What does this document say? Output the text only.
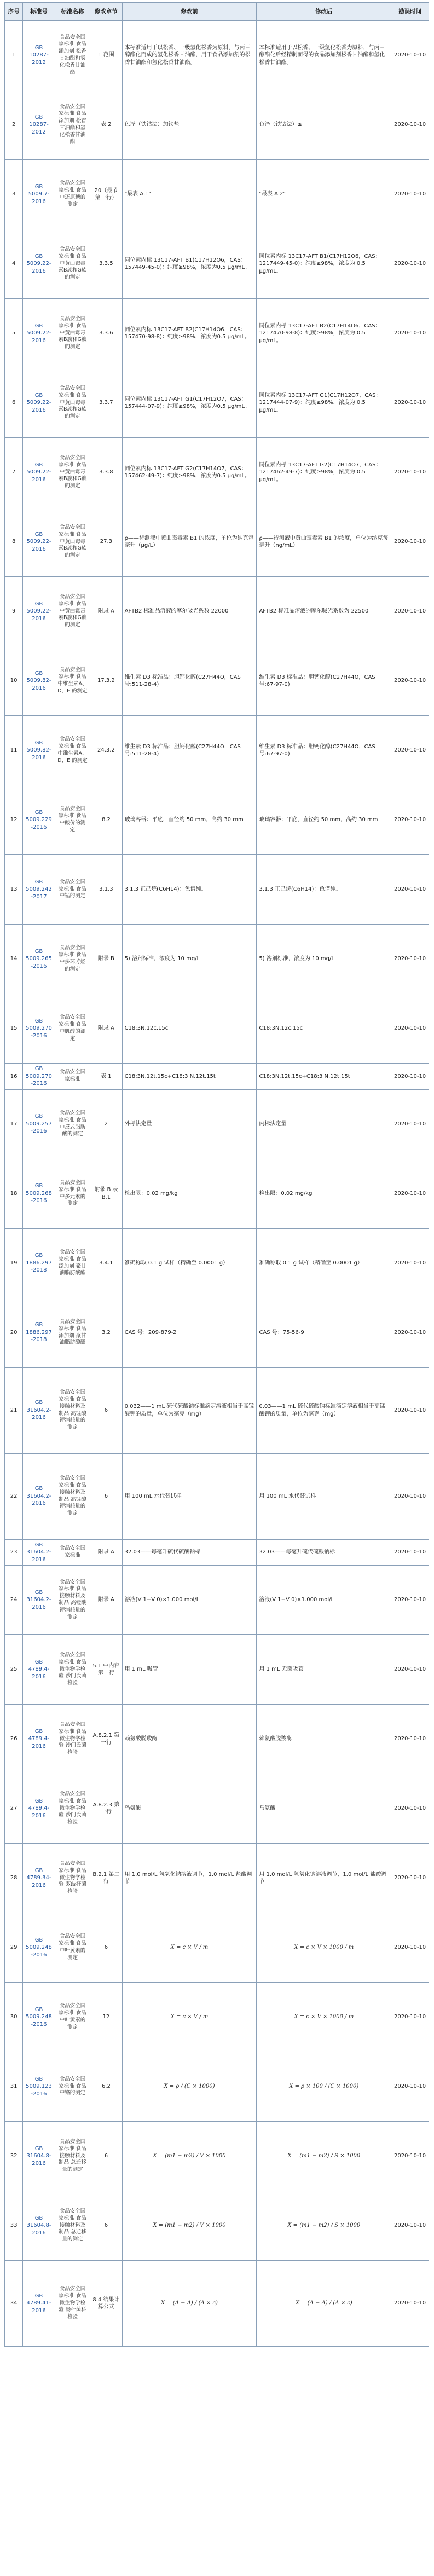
序号	标准号	标准名称	修改章节	修改前	修改后	勘误时间
1	GB 10287-2012	食品安全国家标准 食品添加剂 松香甘油酯和氢化松香甘油酯	1 范围	本标准适用于以松香、一级氢化松香为原料，与丙三醇酯化而成的氢化松香甘油酯，用于食品添加剂的松香甘油酯和氢化松香甘油酯。	本标准适用于以松香、一级氢化松香为原料，与丙三醇酯化后经精制而得的食品添加剂松香甘油酯和氢化松香甘油酯。	2020-10-10
2	GB 10287-2012	食品安全国家标准 食品添加剂 松香甘油酯和氢化松香甘油酯	表 2	色泽（铁钴法）加铁盐	色泽（铁钴法）≤	2020-10-10
3	GB 5009.7-2016	食品安全国家标准 食品中还原糖的测定	20（最节第一行）	"最表 A.1"	"最表 A.2"	2020-10-10
4	GB 5009.22-2016	食品安全国家标准 食品中黄曲霉毒素B族和G族的测定	3.3.5	同位素内标 13C17-AFT B1(C17H12O6，CAS：157449-45-0)：纯度≥98%，浓度为0.5 μg/mL。	同位素内标 13C17-AFT B1(C17H12O6，CAS：1217449-45-0)：纯度≥98%，浓度为 0.5 μg/mL。	2020-10-10
5	GB 5009.22-2016	食品安全国家标准 食品中黄曲霉毒素B族和G族的测定	3.3.6	同位素内标 13C17-AFT B2(C17H14O6，CAS：157470-98-8)：纯度≥98%，浓度为0.5 μg/mL。	同位素内标 13C17-AFT B2(C17H14O6，CAS：1217470-98-8)：纯度≥98%，浓度为 0.5 μg/mL。	2020-10-10
6	GB 5009.22-2016	食品安全国家标准 食品中黄曲霉毒素B族和G族的测定	3.3.7	同位素内标 13C17-AFT G1(C17H12O7，CAS：157444-07-9)：纯度≥98%，浓度为0.5 μg/mL。	同位素内标 13C17-AFT G1(C17H12O7，CAS：1217444-07-9)：纯度≥98%，浓度为 0.5 μg/mL。	2020-10-10
7	GB 5009.22-2016	食品安全国家标准 食品中黄曲霉毒素B族和G族的测定	3.3.8	同位素内标 13C17-AFT G2(C17H14O7，CAS：157462-49-7)：纯度≥98%，浓度为0.5 μg/mL。	同位素内标 13C17-AFT G2(C17H14O7，CAS：1217462-49-7)：纯度≥98%，浓度为 0.5 μg/mL。	2020-10-10
8	GB 5009.22-2016	食品安全国家标准 食品中黄曲霉毒素B族和G族的测定	27.3	ρ——待测液中黄曲霉毒素 B1 的浓度，单位为纳克每毫升（μg/L）	ρ——待测液中黄曲霉毒素 B1 的浓度，单位为纳克每毫升（ng/mL）	2020-10-10
9	GB 5009.22-2016	食品安全国家标准 食品中黄曲霉毒素B族和G族的测定	附录 A	AFTB2 标准品溶液的摩尔吸光系数 22000	AFTB2 标准品溶液的摩尔吸光系数为 22500	2020-10-10
10	GB 5009.82-2016	食品安全国家标准 食品中维生素A、D、E 的测定	17.3.2	维生素 D3 标准品：胆钙化醇(C27H44O，CAS 号:511-28-4)	维生素 D3 标准品：胆钙化醇(C27H44O，CAS 号:67-97-0)	2020-10-10
11	GB 5009.82-2016	食品安全国家标准 食品中维生素A、D、E 的测定	24.3.2	维生素 D3 标准品：胆钙化醇(C27H44O，CAS 号:511-28-4)	维生素 D3 标准品：胆钙化醇(C27H44O，CAS 号:67-97-0)	2020-10-10
12	GB 5009.229-2016	食品安全国家标准 食品中酸价的测定	8.2	玻璃容器：平底，直径约 50 mm，高约 30 mm	玻璃容器：平底，直径约 50 mm，高约 30 mm	2020-10-10
13	GB 5009.242-2017	食品安全国家标准 食品中锰的测定	3.1.3	3.1.3 正己烷(C6H14)：色谱纯。	3.1.3 正己烷(C6H14)：色谱纯。	2020-10-10
14	GB 5009.265-2016	食品安全国家标准 食品中多环芳烃的测定	附录 B	5) 溶剂标准，浓度为 10 mg/L	5) 溶剂标准，浓度为 10 mg/L	2020-10-10
15	GB 5009.270-2016	食品安全国家标准 食品中肌醇的测定	附录 A	C18:3N,12c,15c	C18:3N,12c,15c	2020-10-10
16	GB 5009.270-2016	食品安全国家标准	表 1	C18:3N,12t,15c+C18:3 N,12t,15t	C18:3N,12t,15c+C18:3 N,12t,15t	2020-10-10
17	GB 5009.257-2016	食品安全国家标准 食品中反式脂肪酸的测定	2	外标法定量	内标法定量	2020-10-10
18	GB 5009.268-2016	食品安全国家标准 食品中多元素的测定	附录 B 表 B.1	检出限：0.02 mg/kg	检出限：0.02 mg/kg	2020-10-10
19	GB 1886.297-2018	食品安全国家标准 食品添加剂 聚甘油脂肪酸酯	3.4.1	准确称取 0.1 g 试样（精确至 0.0001 g）	准确称取 0.1 g 试样（精确至 0.0001 g）	2020-10-10
20	GB 1886.297-2018	食品安全国家标准 食品添加剂 聚甘油脂肪酸酯	3.2	CAS 号：209-879-2	CAS 号：75-56-9	2020-10-10
21	GB 31604.2-2016	食品安全国家标准 食品接触材料及制品 高锰酸钾消耗量的测定	6	0.032——1 mL 硫代硫酸钠标准滴定溶液相当于高锰酸钾的质量，单位为毫克（mg）	0.03——1 mL 硫代硫酸钠标准滴定溶液相当于高锰酸钾的质量，单位为毫克（mg）	2020-10-10
22	GB 31604.2-2016	食品安全国家标准 食品接触材料及制品 高锰酸钾消耗量的测定	6	用 100 mL 水代替试样	用 100 mL 水代替试样	2020-10-10
23	GB 31604.2-2016	食品安全国家标准	附录 A	32.03——每毫升硫代硫酸钠标	32.03——每毫升硫代硫酸钠标	2020-10-10
24	GB 31604.2-2016	食品安全国家标准 食品接触材料及制品 高锰酸钾消耗量的测定	附录 A	溶液(V 1−V 0)×1.000 mol/L	溶液(V 1−V 0)×1.000 mol/L	2020-10-10
25	GB 4789.4-2016	食品安全国家标准 食品微生物学检验 沙门氏菌检验	5.1 中内容第一行	用 1 mL 吸管	用 1 mL 无菌吸管	2020-10-10
26	GB 4789.4-2016	食品安全国家标准 食品微生物学检验 沙门氏菌检验	A.8.2.1 第一行	赖氨酸脱羧酶	赖氨酸脱羧酶	2020-10-10
27	GB 4789.4-2016	食品安全国家标准 食品微生物学检验 沙门氏菌检验	A.8.2.3 第一行	鸟氨酸	鸟氨酸	2020-10-10
28	GB 4789.34-2016	食品安全国家标准 食品微生物学检验 双歧杆菌检验	B.2.1 第二行	用 1.0 mol/L 氢氧化钠溶液调节，1.0 mol/L 盐酸调节	用 1.0 mol/L 氢氧化钠溶液调节，1.0 mol/L 盐酸调节	2020-10-10
29	GB 5009.248-2016	食品安全国家标准 食品中叶黄素的测定	6	X = c × V / m	X = c × V × 1000 / m	2020-10-10
30	GB 5009.248-2016	食品安全国家标准 食品中叶黄素的测定	12	X = c × V / m	X = c × V × 1000 / m	2020-10-10
31	GB 5009.123-2016	食品安全国家标准 食品中铬的测定	6.2	X = ρ / (C × 1000)	X = ρ × 100 / (C × 1000)	2020-10-10
32	GB 31604.8-2016	食品安全国家标准 食品接触材料及制品 总迁移量的测定	6	X = (m1 − m2) / V × 1000	X = (m1 − m2) / S × 1000	2020-10-10
33	GB 31604.8-2016	食品安全国家标准 食品接触材料及制品 总迁移量的测定	6	X = (m1 − m2) / V × 1000	X = (m1 − m2) / S × 1000	2020-10-10
34	GB 4789.41-2016	食品安全国家标准 食品微生物学检验 肠杆菌科检验	8.4 结果计算公式	X = (A − A) / (A × c)	X = (A − A) / (A × c)	2020-10-10
